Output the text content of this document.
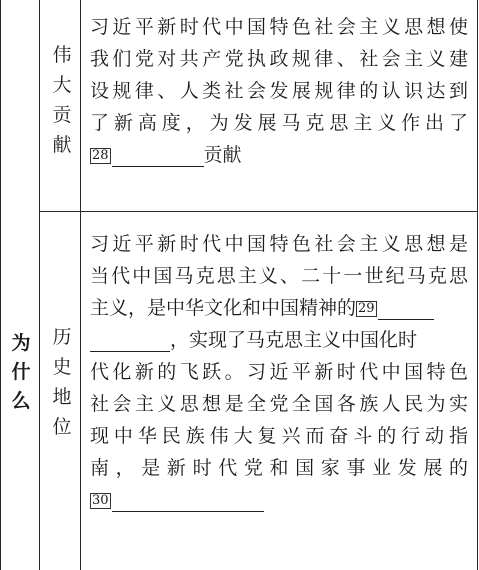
为
什
么
伟
大
贡
献
习近平新时代中国特色社会主义思想使
我们党对共产党执政规律、社会主义建
设规律、人类社会发展规律的认识达到
了新高度，为发展马克思主义作出了
28	贡献
历
史
地
位
习近平新时代中国特色社会主义思想是
当代中国马克思主义、二十一世纪马克思
主义，是中华文化和中国精神的 29
，实现了马克思主义中国化时
代化新的飞跃。习近平新时代中国特色
社会主义思想是全党全国各族人民为实
现中华民族伟大复兴而奋斗的行动指
南，是新时代党和国家事业发展的
30
